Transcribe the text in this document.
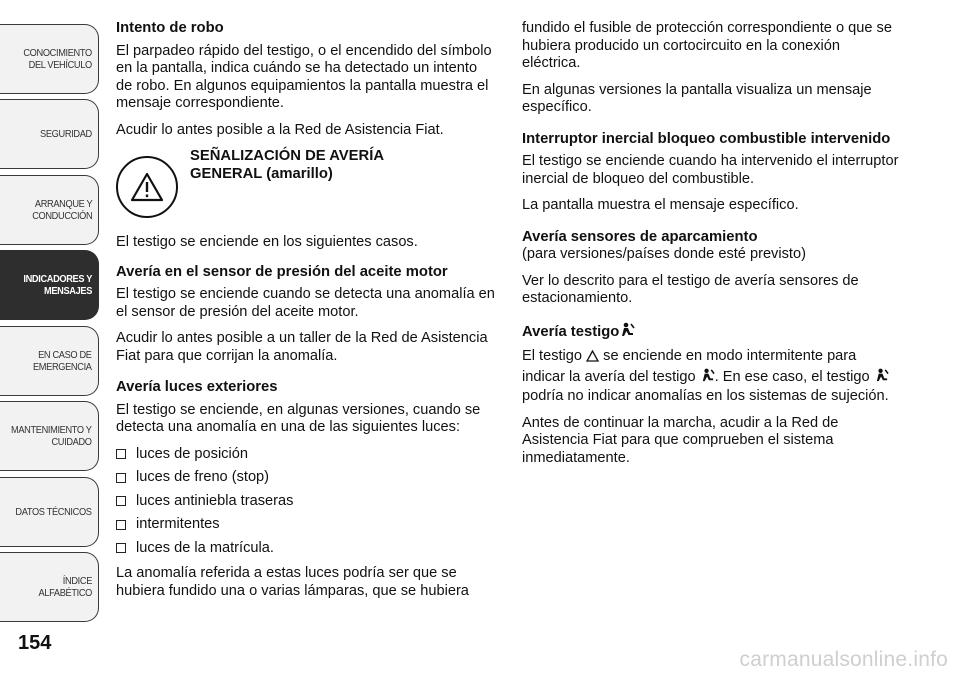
CONOCIMIENTO
DEL VEHÍCULO
SEGURIDAD
ARRANQUE Y
CONDUCCIÓN
INDICADORES Y
MENSAJES
EN CASO DE
EMERGENCIA
MANTENIMIENTO Y
CUIDADO
DATOS TÉCNICOS
ÍNDICE ALFABÉTICO
154
Intento de robo

El parpadeo rápido del testigo, o el encendido del símbolo en la pantalla, indica cuándo se ha detectado un intento de robo. En algunos equipamientos la pantalla muestra el mensaje correspondiente.

Acudir lo antes posible a la Red de Asistencia Fiat.

SEÑALIZACIÓN DE AVERÍA GENERAL (amarillo)

El testigo se enciende en los siguientes casos.

Avería en el sensor de presión del aceite motor

El testigo se enciende cuando se detecta una anomalía en el sensor de presión del aceite motor.

Acudir lo antes posible a un taller de la Red de Asistencia Fiat para que corrijan la anomalía.

Avería luces exteriores

El testigo se enciende, en algunas versiones, cuando se detecta una anomalía en una de las siguientes luces:

luces de posición
luces de freno (stop)
luces antiniebla traseras
intermitentes
luces de la matrícula.

La anomalía referida a estas luces podría ser que se hubiera fundido una o varias lámparas, que se hubiera

fundido el fusible de protección correspondiente o que se hubiera producido un cortocircuito en la conexión eléctrica.

En algunas versiones la pantalla visualiza un mensaje específico.

Interruptor inercial bloqueo combustible intervenido

El testigo se enciende cuando ha intervenido el interruptor inercial de bloqueo del combustible.

La pantalla muestra el mensaje específico.

Avería sensores de aparcamiento

(para versiones/países donde esté previsto)

Ver lo descrito para el testigo de avería sensores de estacionamiento.

Avería testigo

El testigo se enciende en modo intermitente para indicar la avería del testigo . En ese caso, el testigo  podría no indicar anomalías en los sistemas de sujeción.

Antes de continuar la marcha, acudir a la Red de Asistencia Fiat para que comprueben el sistema inmediatamente.

carmanualsonline.info
